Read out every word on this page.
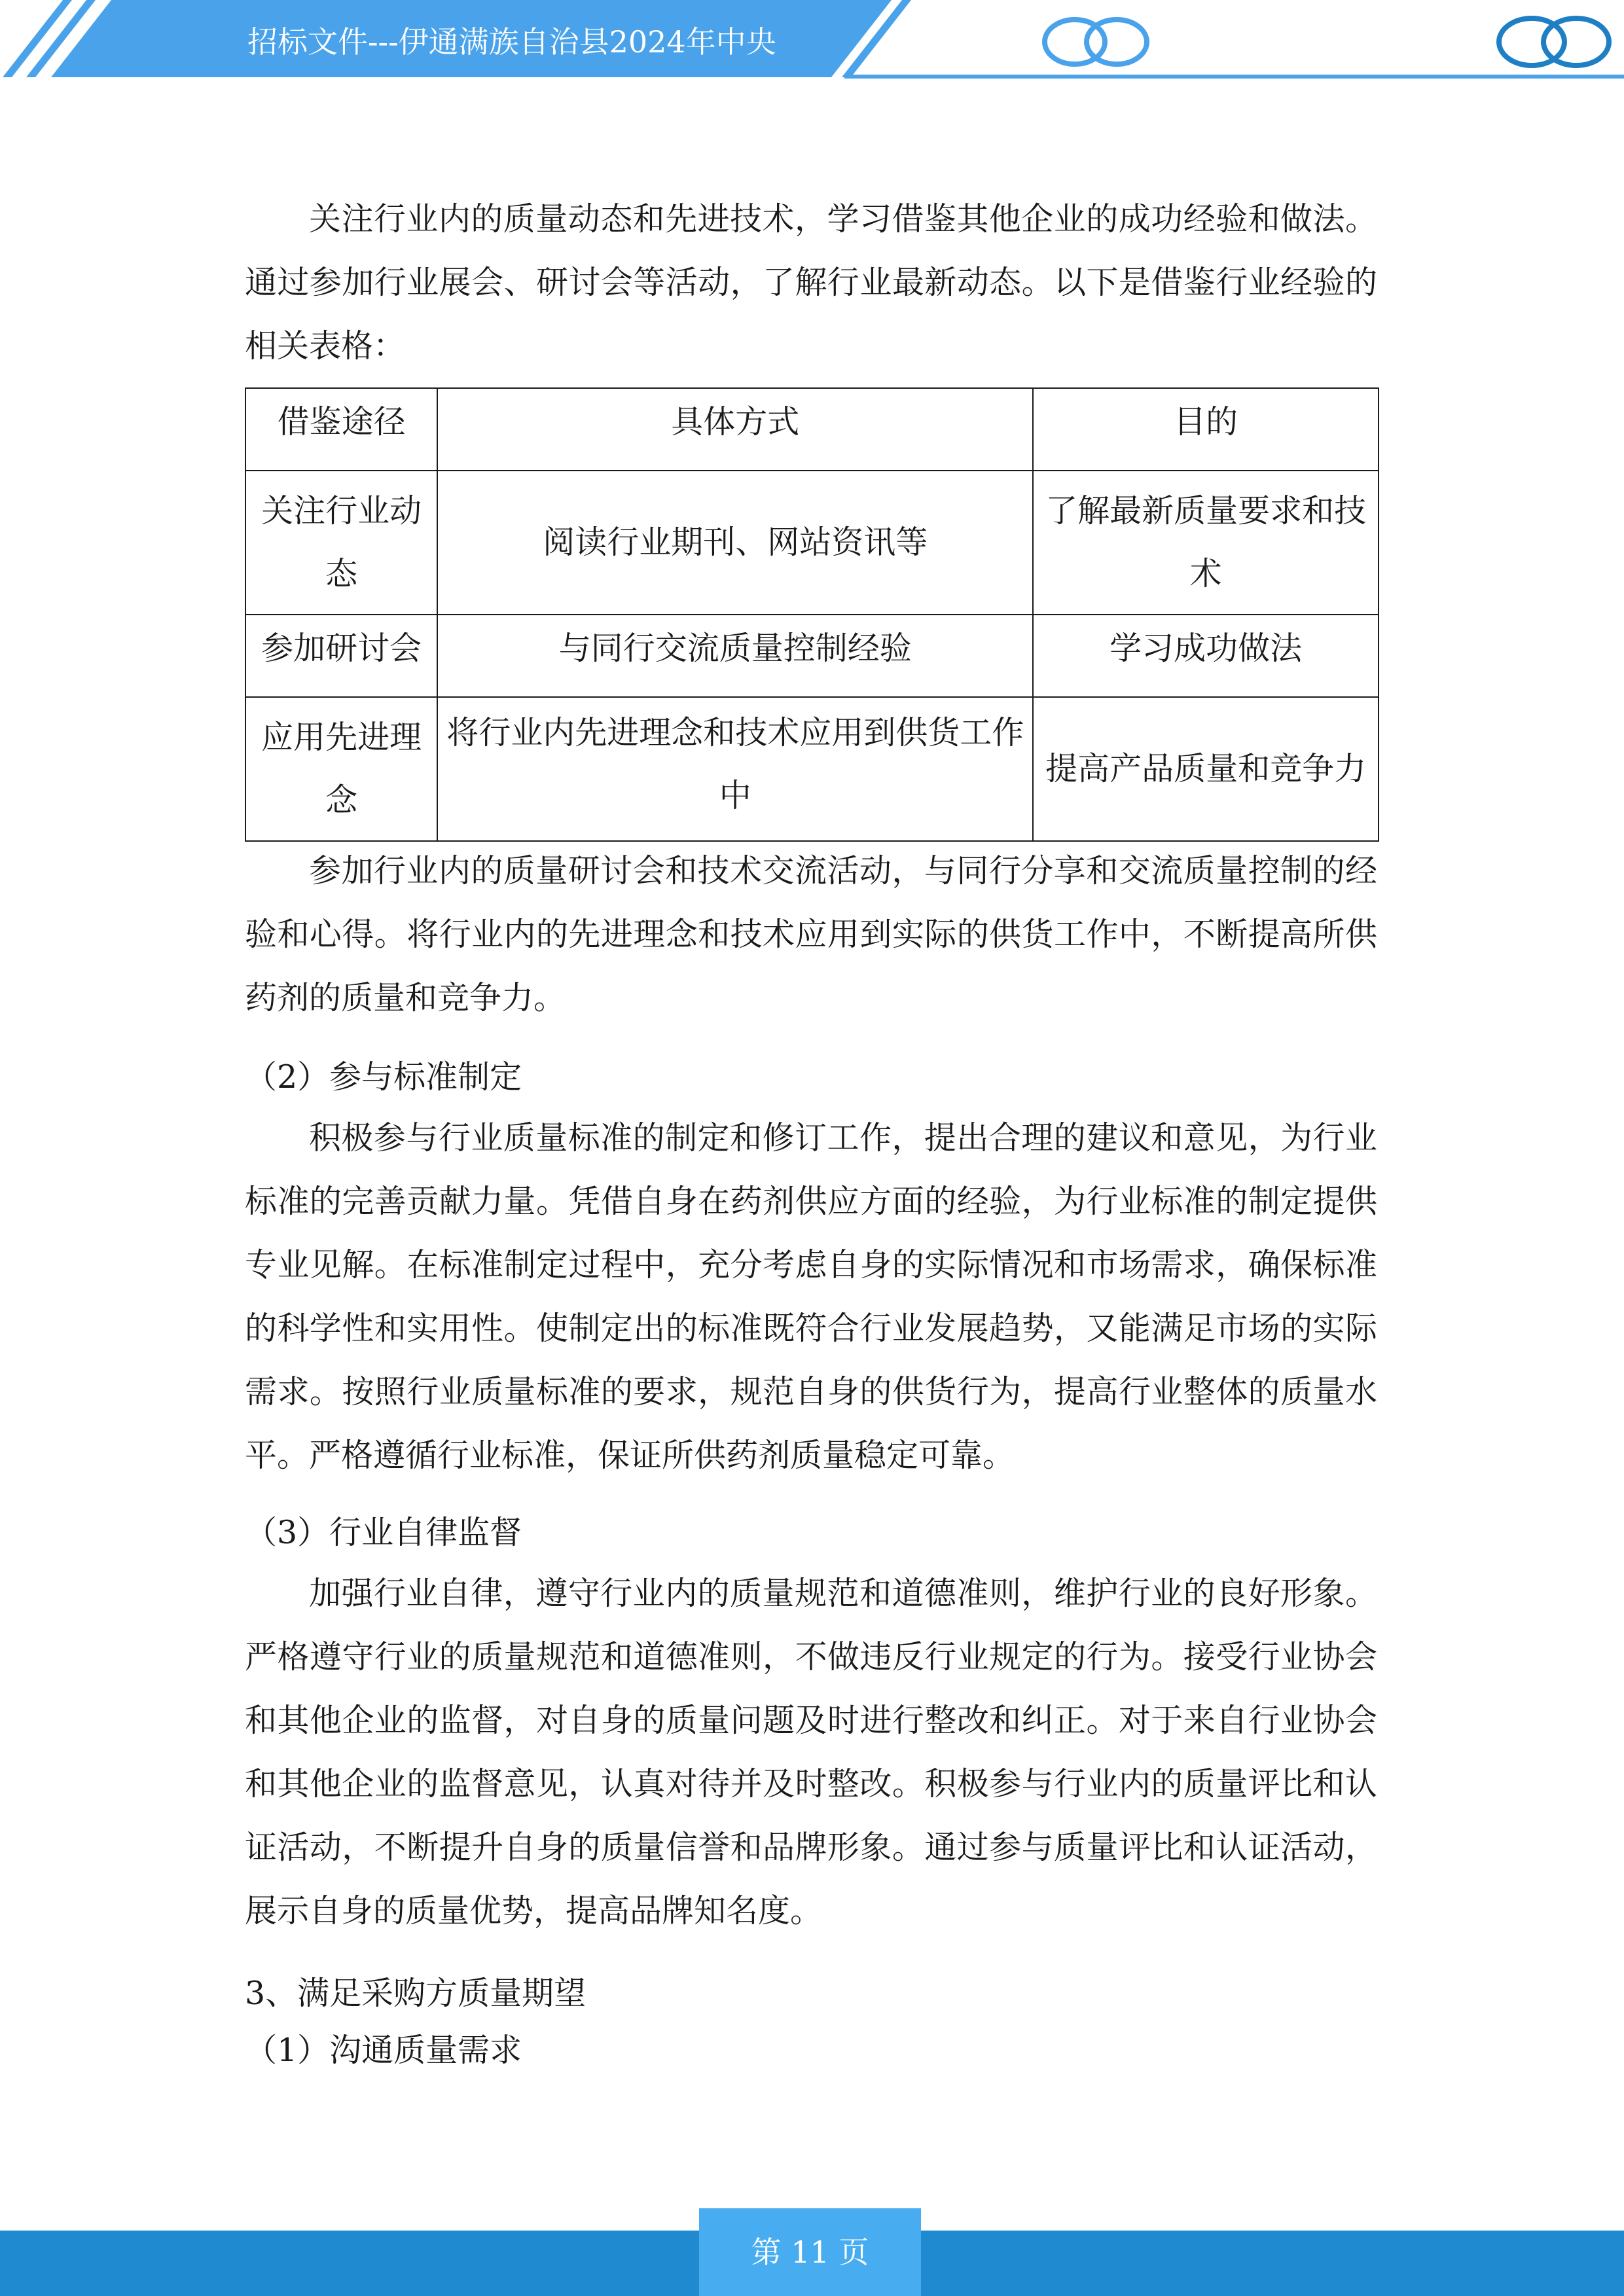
招标文件---伊通满族自治县2024年中央

关注行业内的质量动态和先进技术，学习借鉴其他企业的成功经验和做法。通过参加行业展会、研讨会等活动，了解行业最新动态。以下是借鉴行业经验的相关表格：

参加行业内的质量研讨会和技术交流活动，与同行分享和交流质量控制的经验和心得。将行业内的先进理念和技术应用到实际的供货工作中，不断提高所供药剂的质量和竞争力。

（2）参与标准制定

积极参与行业质量标准的制定和修订工作，提出合理的建议和意见，为行业标准的完善贡献力量。凭借自身在药剂供应方面的经验，为行业标准的制定提供专业见解。在标准制定过程中，充分考虑自身的实际情况和市场需求，确保标准的科学性和实用性。使制定出的标准既符合行业发展趋势，又能满足市场的实际需求。按照行业质量标准的要求，规范自身的供货行为，提高行业整体的质量水平。严格遵循行业标准，保证所供药剂质量稳定可靠。

（3）行业自律监督

加强行业自律，遵守行业内的质量规范和道德准则，维护行业的良好形象。严格遵守行业的质量规范和道德准则，不做违反行业规定的行为。接受行业协会和其他企业的监督，对自身的质量问题及时进行整改和纠正。对于来自行业协会和其他企业的监督意见，认真对待并及时整改。积极参与行业内的质量评比和认证活动，不断提升自身的质量信誉和品牌形象。通过参与质量评比和认证活动，展示自身的质量优势，提高品牌知名度。

3、满足采购方质量期望

（1）沟通质量需求

借鉴途径	具体方式	目的
关注行业动态	阅读行业期刊、网站资讯等	了解最新质量要求和技术
参加研讨会	与同行交流质量控制经验	学习成功做法
应用先进理念	将行业内先进理念和技术应用到供货工作中	提高产品质量和竞争力
第 11 页
